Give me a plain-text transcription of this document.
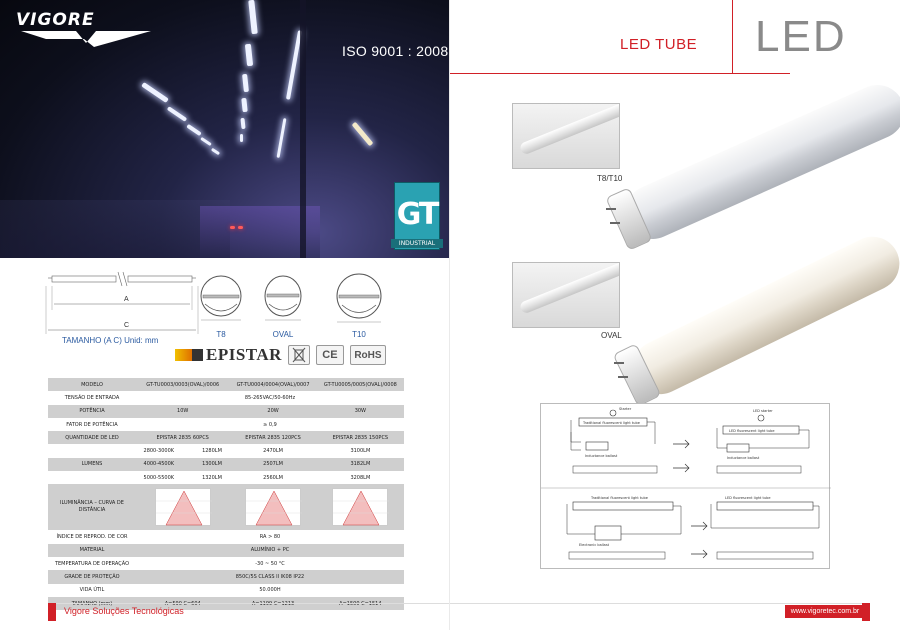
VIGORE
ISO 9001 : 2008
GT
INDUSTRIAL
A
C
TAMANHO (A C) Unid: mm
T8	OVAL	T10
EPISTAR	CE	RoHS
MODELO	GT-TU0003/0003(OVAL)/0006	GT-TU0004/0004(OVAL)/0007	GT-TU0005/0005(OVAL)/0008
TENSÃO DE ENTRADA	85-265VAC/50-60Hz		
POTÊNCIA	10W	20W	30W
FATOR DE POTÊNCIA	≥ 0,9		
QUANTIDADE DE LED	EPISTAR 2835 60PCS	EPISTAR 2835 120PCS	EPISTAR 2835 150PCS
	2800-3000K 1280LM	2470LM	3100LM
LUMENS	4000-4500K 1300LM	2507LM	3182LM
	5000-5500K 1320LM	2560LM	3208LM
ILUMINÂNCIA – CURVA DE DISTÂNCIA			
ÍNDICE DE REPROD. DE COR	RA > 80		
MATERIAL	ALUMÍNIO + PC		
TEMPERATURA DE OPERAÇÃO	-30 ~ 50 °C		
GRADE DE PROTEÇÃO	850C/5S CLASS II IK08 IP22		
VIDA ÚTIL	50.000H		
TAMANHO (mm)	A=590 C=604	A=1199 C=1213	A=1500 C=1514
Vigore Soluções Tecnológicas
LED TUBE LED
T8/T10
OVAL
Starter
Traditional fluorescent light tube
Inductance ballast
LED starter
LED fluorescent light tube
Inductance ballast
Traditional fluorescent light tube
Electronic ballast
LED fluorescent light tube
www.vigoretec.com.br
